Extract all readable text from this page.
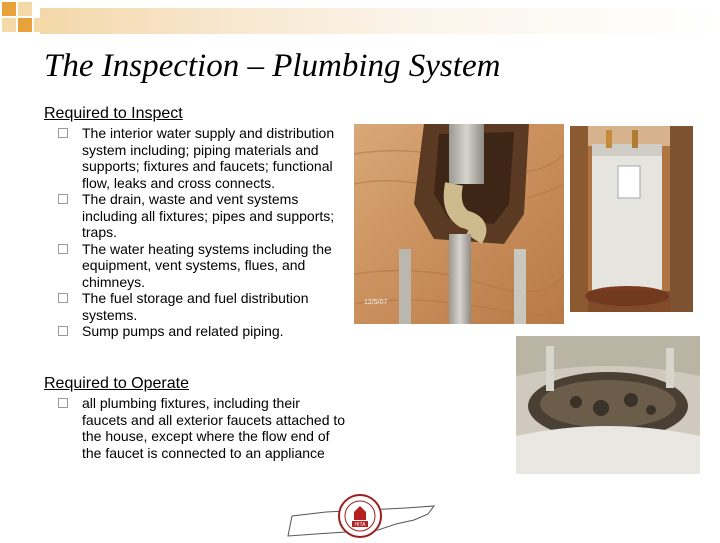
The Inspection – Plumbing System
Required to Inspect
The interior water supply and distribution system including; piping materials and supports; fixtures and faucets; functional flow, leaks and cross connects.
The drain, waste and vent systems including all fixtures; pipes and supports; traps.
The water heating systems including the equipment, vent systems, flues, and chimneys.
The fuel storage and fuel distribution systems.
Sump pumps and related piping.
Required to Operate
all plumbing fixtures, including their faucets and all exterior faucets attached to the house, except where the flow end of the faucet is connected to an appliance
12/5/07
HITA
